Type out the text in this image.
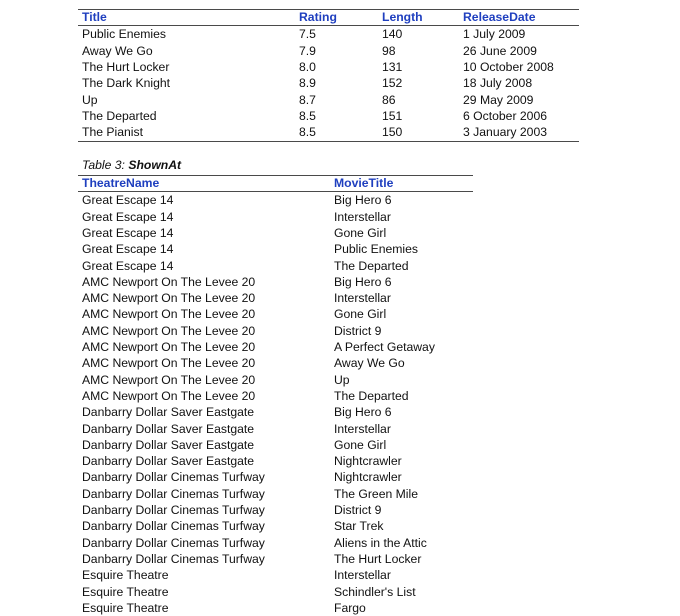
Title	Rating	Length	ReleaseDate
Public Enemies	7.5	140	1 July 2009
Away We Go	7.9	98	26 June 2009
The Hurt Locker	8.0	131	10 October 2008
The Dark Knight	8.9	152	18 July 2008
Up	8.7	86	29 May 2009
The Departed	8.5	151	6 October 2006
The Pianist	8.5	150	3 January 2003
Table 3: ShownAt
TheatreName	MovieTitle
Great Escape 14	Big Hero 6
Great Escape 14	Interstellar
Great Escape 14	Gone Girl
Great Escape 14	Public Enemies
Great Escape 14	The Departed
AMC Newport On The Levee 20	Big Hero 6
AMC Newport On The Levee 20	Interstellar
AMC Newport On The Levee 20	Gone Girl
AMC Newport On The Levee 20	District 9
AMC Newport On The Levee 20	A Perfect Getaway
AMC Newport On The Levee 20	Away We Go
AMC Newport On The Levee 20	Up
AMC Newport On The Levee 20	The Departed
Danbarry Dollar Saver Eastgate	Big Hero 6
Danbarry Dollar Saver Eastgate	Interstellar
Danbarry Dollar Saver Eastgate	Gone Girl
Danbarry Dollar Saver Eastgate	Nightcrawler
Danbarry Dollar Cinemas Turfway	Nightcrawler
Danbarry Dollar Cinemas Turfway	The Green Mile
Danbarry Dollar Cinemas Turfway	District 9
Danbarry Dollar Cinemas Turfway	Star Trek
Danbarry Dollar Cinemas Turfway	Aliens in the Attic
Danbarry Dollar Cinemas Turfway	The Hurt Locker
Esquire Theatre	Interstellar
Esquire Theatre	Schindler's List
Esquire Theatre	Fargo
